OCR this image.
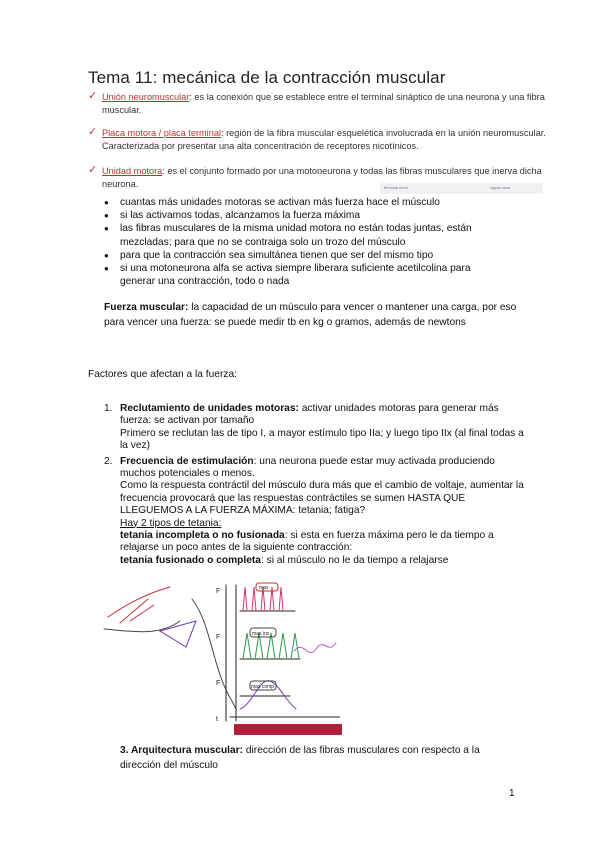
Tema 11: mecánica de la contracción muscular
✓ Unión neuromuscular: es la conexión que se establece entre el terminal sináptico de una neurona y una fibra muscular.
✓ Placa motora / placa terminal: región de la fibra muscular esquelética involucrada en la unión neuromuscular. Caracterizada por presentar una alta concentración de receptores nicotínicos.
✓ Unidad motora: es el conjunto formado por una motoneurona y todas las fibras musculares que inerva dicha neurona.	Terminal Axón	signal zone
● cuantas más unidades motoras se activan más fuerza hace el músculo
● si las activamos todas, alcanzamos la fuerza máxima
● las fibras musculares de la misma unidad motora no están todas juntas, están mezcladas; para que no se contraiga solo un trozo del músculo
● para que la contracción sea simultánea tienen que ser del mismo tipo
● si una motoneurona alfa se activa siempre liberara suficiente acetilcolina para generar una contracción, todo o nada
Fuerza muscular: la capacidad de un músculo para vencer o mantener una carga, por eso para vencer una fuerza: se puede medir tb en kg o gramos, además de newtons
Factores que afectan a la fuerza:
1. Reclutamiento de unidades motoras: activar unidades motoras para generar más fuerza: se activan por tamaño
Primero se reclutan las de tipo I, a mayor estímulo tipo IIa; y luego tipo IIx (al final todas a la vez)
2. Frecuencia de estimulación: una neurona puede estar muy activada produciendo muchos potenciales o menos.
Como la respuesta contráctil del músculo dura más que el cambio de voltaje, aumentar la frecuencia provocará que las respuestas contráctiles se sumen HASTA QUE LLEGUEMOS A LA FUERZA MÁXIMA: tetania; fatiga?
Hay 2 tipos de tetania:
tetania incompleta o no fusionada: si esta en fuerza máxima pero le da tiempo a relajarse un poco antes de la siguiente contracción:
tetania fusionado o completa: si al músculo no le da tiempo a relajarse
F
F
F
t
max
max inc
max comp
3. Arquitectura muscular: dirección de las fibras musculares con respecto a la dirección del músculo
1
